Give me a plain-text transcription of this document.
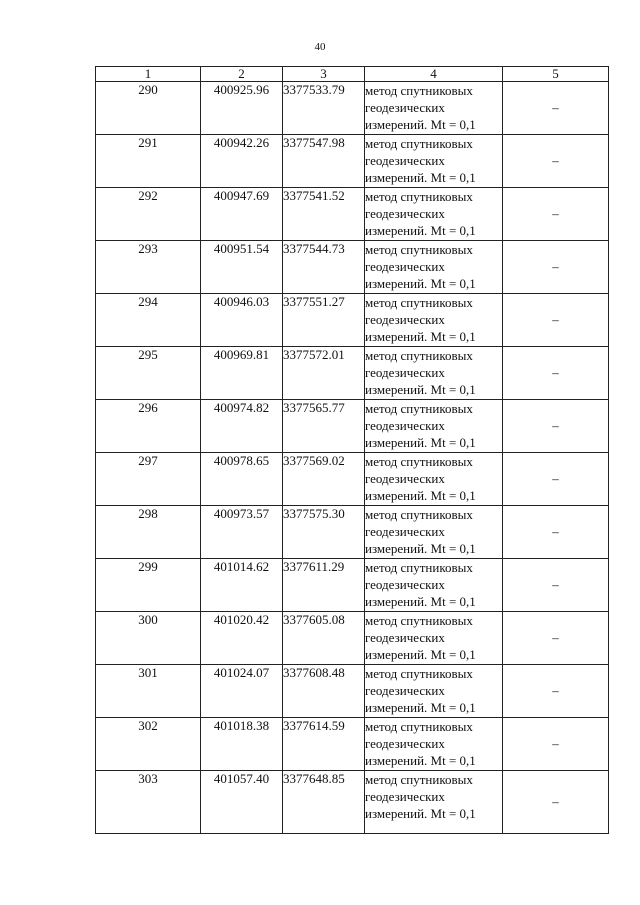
40
1	2	3	4	5
290	400925.96	3377533.79	метод спутниковых
геодезических
измерений. Mt = 0,1	–
291	400942.26	3377547.98	метод спутниковых
геодезических
измерений. Mt = 0,1	–
292	400947.69	3377541.52	метод спутниковых
геодезических
измерений. Mt = 0,1	–
293	400951.54	3377544.73	метод спутниковых
геодезических
измерений. Mt = 0,1	–
294	400946.03	3377551.27	метод спутниковых
геодезических
измерений. Mt = 0,1	–
295	400969.81	3377572.01	метод спутниковых
геодезических
измерений. Mt = 0,1	–
296	400974.82	3377565.77	метод спутниковых
геодезических
измерений. Mt = 0,1	–
297	400978.65	3377569.02	метод спутниковых
геодезических
измерений. Mt = 0,1	–
298	400973.57	3377575.30	метод спутниковых
геодезических
измерений. Mt = 0,1	–
299	401014.62	3377611.29	метод спутниковых
геодезических
измерений. Mt = 0,1	–
300	401020.42	3377605.08	метод спутниковых
геодезических
измерений. Mt = 0,1	–
301	401024.07	3377608.48	метод спутниковых
геодезических
измерений. Mt = 0,1	–
302	401018.38	3377614.59	метод спутниковых
геодезических
измерений. Mt = 0,1	–
303	401057.40	3377648.85	метод спутниковых
геодезических
измерений. Mt = 0,1	–
